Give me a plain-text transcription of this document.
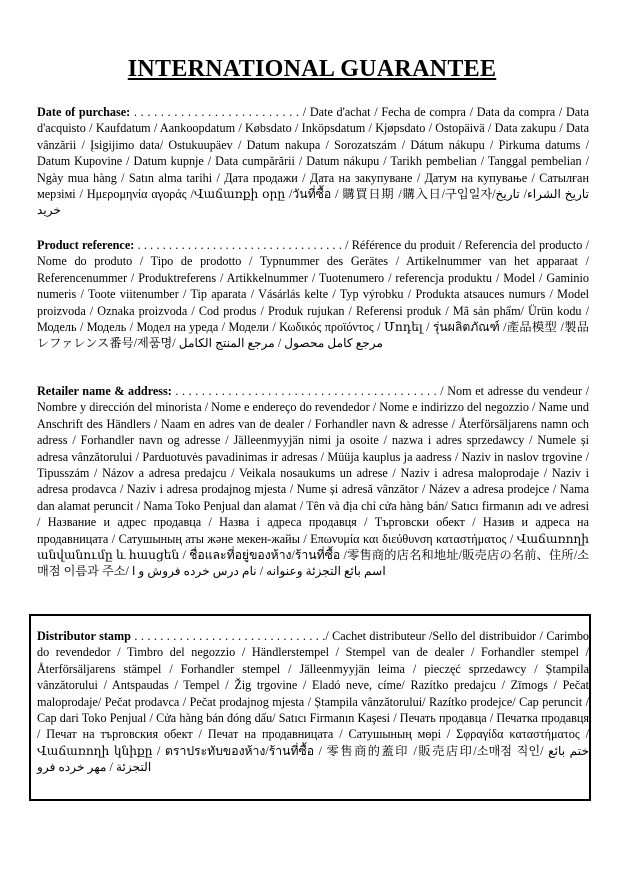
INTERNATIONAL GUARANTEE

Date of purchase: . . . . . . . . . . . . . . . . . . . . . . . . . / Date d'achat / Fecha de compra / Data da compra / Data d'acquisto / Kaufdatum / Aankoopdatum / Købsdato / Inköpsdatum / Kjøpsdato / Ostopäivä / Data zakupu / Data vânzării / Įsigijimo data/ Ostukuupäev / Datum nakupa / Sorozatszám / Dátum nákupu / Pirkuma datums / Datum Kupovine / Datum kupnje / Data cumpărării / Datum nákupu / Tarikh pembelian / Tanggal pembelian / Ngày mua hàng / Satın alma tarihi / Дата продажи / Дата на закупуване / Датум на купување / Сатылған мерзімі / Ημερομηνία αγοράς /Վաճառքի օրը /วันที่ซื้อ / 購買日期 /購入日/구입일자/تاريخ الشراء/ تاريخ خريد

Product reference: . . . . . . . . . . . . . . . . . . . . . . . . . . . . . . . . . / Référence du produit / Referencia del producto / Nome do produto / Tipo de prodotto / Typnummer des Gerätes / Artikelnummer van het apparaat / Referencenummer / Produktreferens / Artikkelnummer / Tuotenumero / referencja produktu / Model / Gaminio numeris / Toote viitenumber / Tip aparata / Vásárlás kelte / Typ výrobku / Produkta atsauces numurs / Model proizvoda / Oznaka proizvoda / Cod produs / Produk rujukan / Referensi produk / Mã sản phẩm/ Ürün kodu / Модель / Модель / Модел на уреда / Модели / Κωδικός προϊόντος / Մոդել / รุ่นผลิตภัณฑ์ /產品模型 /製品レファレンス番号/제품명/ مرجع كامل محصول / مرجع المنتج الكامل

Retailer name & address: . . . . . . . . . . . . . . . . . . . . . . . . . . . . . . . . . . . . . . . . / Nom et adresse du vendeur / Nombre y dirección del minorista / Nome e endereço do revendedor / Nome e indirizzo del negozzio / Name und Anschrift des Händlers / Naam en adres van de dealer / Forhandler navn & adresse / Återförsäljarens namn och adress / Forhandler navn og adresse / Jälleenmyyjän nimi ja osoite / nazwa i adres sprzedawcy / Numele și adresa vânzătorului / Parduotuvės pavadinimas ir adresas / Müüja kauplus ja aadress / Naziv in naslov trgovine / Tipusszám / Názov a adresa predajcu / Veikala nosaukums un adrese / Naziv i adresa maloprodaje / Naziv i adresa prodavca / Naziv i adresa prodajnog mjesta / Nume și adresă vânzător / Název a adresa prodejce / Nama dan alamat peruncit / Nama Toko Penjual dan alamat / Tên và địa chỉ cửa hàng bán/ Satıcı firmanın adı ve adresi / Название и адрес продавца / Назва і адреса продавця / Търговски обект / Назив и адреса на продавницата / Сатушының аты жəне мекен-жайы / Επωνυμία και διεύθυνση καταστήματος / Վաճառողի անվանումը և հասցեն / ชื่อและที่อยู่ของห้าง/ร้านที่ซื้อ /零售商的店名和地址/販売店の名前、住所/소매점 이름과 주소/ اسم بائع التجزئة وعنوانه / نام درس خرده فروش و ا

Distributor stamp . . . . . . . . . . . . . . . . . . . . . . . . . . . . . ./ Cachet distributeur /Sello del distribuidor / Carimbo do revendedor / Timbro del negozzio / Händlerstempel / Stempel van de dealer / Forhandler stempel / Återförsäljarens stämpel / Forhandler stempel / Jälleenmyyjän leima / pieczęć sprzedawcy / Ștampila vânzătorului / Antspaudas / Tempel / Žig trgovine / Eladó neve, címe/ Razítko predajcu / Zīmogs / Pečat maloprodaje/ Pečat prodavca / Pečat prodajnog mjesta / Ștampila vânzătorului/ Razítko prodejce/ Cap peruncit / Cap dari Toko Penjual / Cửa hàng bán đóng dấu/ Satıcı Firmanın Kaşesi / Печать продавца / Печатка продавця / Печат на търговския обект / Печат на продавницата / Сатушының мөрі / Σφραγίδα καταστήματος / Վաճառողի կնիքը / ตราประทับของห้าง/ร้านที่ซื้อ / 零售商的蓋印 /販売店印/소매점 직인/ ختم بائع التجزئة / مهر خرده فرو
